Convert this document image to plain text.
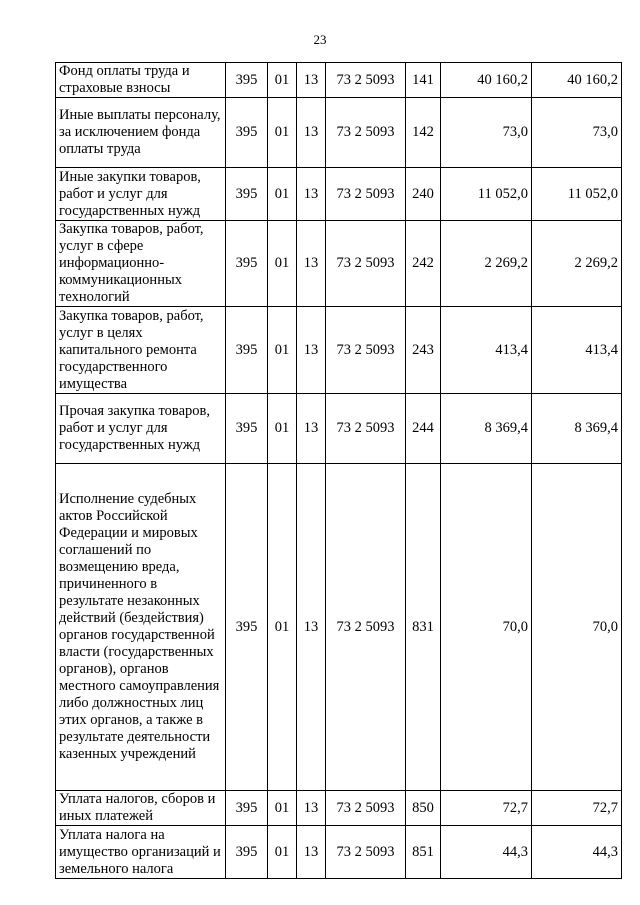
23
Фонд оплаты труда и страховые взносы	395	01	13	73 2 5093	141	40 160,2	40 160,2
Иные выплаты персоналу, за исключением фонда оплаты труда	395	01	13	73 2 5093	142	73,0	73,0
Иные закупки товаров, работ и услуг для государственных нужд	395	01	13	73 2 5093	240	11 052,0	11 052,0
Закупка товаров, работ, услуг в сфере информационно-коммуникационных технологий	395	01	13	73 2 5093	242	2 269,2	2 269,2
Закупка товаров, работ, услуг в целях капитального ремонта государственного имущества	395	01	13	73 2 5093	243	413,4	413,4
Прочая закупка товаров, работ и услуг для государственных нужд	395	01	13	73 2 5093	244	8 369,4	8 369,4
Исполнение судебных актов Российской Федерации и мировых соглашений по возмещению вреда, причиненного в результате незаконных действий (бездействия) органов государственной власти (государственных органов), органов местного самоуправления либо должностных лиц этих органов, а также в результате деятельности казенных учреждений	395	01	13	73 2 5093	831	70,0	70,0
Уплата налогов, сборов и иных платежей	395	01	13	73 2 5093	850	72,7	72,7
Уплата налога на имущество организаций и земельного налога	395	01	13	73 2 5093	851	44,3	44,3
